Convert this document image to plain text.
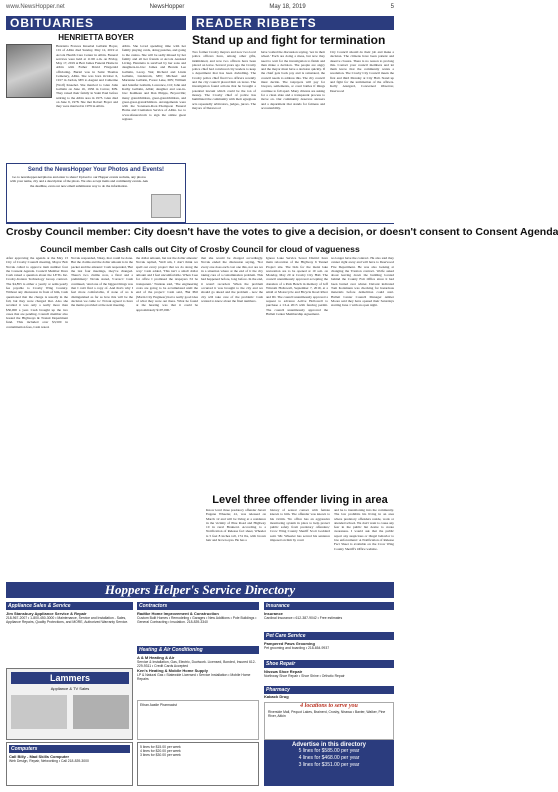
www.NewsHopper.net	NewsHopper	May 18, 2019	5
OBITUARIES	READER RIBBETS
HENRIETTA BOYER
Henrietta Frances Knaebel Gallatin Boyer, 101 of Albin died Sunday, May 12, 2019 at Arcola Health Care Center in Albin. Funeral services were held at 11:00 a.m. on Friday, May 17, 2019 at Bert James Funeral Home in Albin with Father David Fitzgerald officiating. Burial was in Saint Thomas Cemetery, Albin. She was born October 6, 1917 in Jordan, MN to August and Catherine (Wolf) Knaebel. She married to Glen John Gallatin on June 16, 1936 in Carver, MN. They raised their family in Saint Paul before retiring to the Albin area in 1973. Glen died on June 9, 1978. She met Robert Boyer and they were married in 1979 in Albin.
Albin. She loved spending time with her family playing cards, doing puzzles, and going to the casino. She will be sadly missed by her family and all her friends at Arcola Assisted Living. Henrietta is survived by her sons and daughters-in-law: James and Brenda Lee Gallatin, Lacey, WA; Richard and Linda Gallatin, Lindstrom, MN; Michael and Marianne Gallatin, Forest Lake, MN; William and Jennifer Gallatin, Lawrence, CO; John and Kathy Gallatin, Albin; daughter and son-in-law: Kathleen and Dan Phipps, Boyceville; many grandchildren, great-grandchildren, and great-great-grandchildren. Arrangements were with the Sorensen-Root-Thompson Funeral Home and Cremation Service of Albin. Go to www.sfuneralcom to sign the online guest register.
Send the NewsHopper Your Photos and Events!

Go to newshopper.net/photos and enter to share! Upload to our Hopper events website, any photos with your name, city and a description of the photo. We also accept items and community events. Ask the deadline, even our new email submission way to do the information.

Stand up and fight for termination
Two former Crosby mayors and now two local police officers have, among other gifts, intimidated, and now two officers have been placed on leave. Several years ago the Crosby police chief had convinced city leaders to keep a department that has been dwindling. The Crosby police chief fired two officers recently and the city council placed him on leave. The investigation found actions that he brought a potential lawsuit which could be the ton of money. The Crosby chief of police has humiliated the community with their egregious acts repeatedly arbitrators, judges, jurors. The mayors of Derewood
have voided the discussion saying, 'not in their wheel.' Each are doing a mess, but now they need to wait for the investigation to finish and then make a decision. The people are angry and the mayor must have a decision quickly. If the chief gets back pay and is reinstated, the council needs to address this. The city council must decide. The taxpayers will pay for lawyers, settlements, or court battles if things continue to fall apart. Many citizens are asking for a clean slate and a transparent process to move on. Our community deserves answers and a department that stands for fairness and accountability.
City Council should do their job and make a decision. The citizens have been patient and deserve closure. There is no reason to prolong this. Contact your council members and let them know that the community wants a resolution. The Crosby City Council meets the first and third Monday at City Hall. Stand up and fight for the termination of the officers. Kelly Anstgard, Concerned Observer, Deerwood
Crosby Council member: City doesn't have the votes to give a decision, or doesn't consent to Consent Agenda
Council member Cash calls out City of Crosby Council for cloud of vagueness
After approving the agenda at the May 13 City of Crosby Council meeting, Mayor Bob Novak called to approve item number four the Consent Agenda. Council Member Dave Cash raised a question about the LETG Inc. Crosby-Ironton Technology Group contract. The $4,855 is either a yearly or semi-yearly fee payable to Crosby Wing Country. Without any discussion in front of him, Cash questioned that the charge is usually in the fall, but they were charged that. Also she recalled it was only a really more than $50,000 a year. Cash brought up the two cases that are pending. Council member also hosted the Highways & Transit Department fund. This included over $3,500 in contamination fees, Cash noted.
Novak responded, 'Okay, that could be done. But the claims and the dollar amount is in the packet and the amount.' Cash responded, 'But the last four meetings, they've changed. There's two claims now, a final and a preliminary.' Novak stated, 'Correct.' Cash continued, 'And one of the biggest things was that I can't find a copy of. And that's why I feel more comfortable, if none of us is distinguished as far as how this will be the decision we came to.' Novak agreed to have the memo provided at the next meeting.
the dollar amount, but not the dollar amount.' Novak replied, 'Well um, I don't think we spell out every project that we do along the way.' Cash added, 'This isn't a small dollar amount and I feel uncomfortable. When I see for office I promised the taxpayers I'd be transparent.' Trudeau said, 'The engineering costs are going to be accumulated until the end of the project.' Cash said, 'But Phil (Marin City Engineer) had a really good idea of what they were out there. What he found at the hearing was that it could be approximately $197,000.'
that she would be charged accordingly. Novak ended the discussion saying, 'Not every one does each cost one this, nor are we in a situation where at the end of it the city taking care of a contamination problem. This had happened before, long before. In the end, it wasn't recorded. When the problem occurred it was brought to the city and we should go ahead and the problem - now the city will take care of the problem.' Cash wanted to know about the final numbers.
Ignore Lake Service Sewer District have main relocation of the Highway 6 Tunnel Project site. The bids for the moist lake restoration are to be opened at 10 a.m. on Monday, May 20 at Crosby City Hall. The council unanimously approved accepting the donation of a Park Bench in memory of Jeff Winroth Hollowell, September 7, 2019, at a small at Motorcycle and Bicycle Road River and ID. The council unanimously approved a request to advance Active Hollowell to purchase a CLA 2015 with fencing permit. The council unanimously approved the Hallett Center Membership Agreement.
no longer have the contract. He also said they cannot right away and will have to Deerwood Fire Department. He was also looking at changing the Truxton contract. Wolfe asked about leaving down the building located behind the County Fair Office since it had been buried over winter. DeCent indicated Tom Kotzmann was checking for hazardous materials before demolition could start. Hallett Center Council Manager Amber Moore said they have opened their Saturdays starting June 1 with an open night.
Level three offender living in area
Know level three predatory offender Jarrett Eugene Wheeler, 41, was released on March 12 and will be living at a residence in the vicinity of Pine Road and Highway 10 in rural Brainerd. According to a Notification of Release fact sheet, Wheeler is 5 feet 8 inches tall, 174 lbs, with brown hair and brown eyes. He has a
history of sexual contact with female known to him. The offender was known to his victim. 'No office has an aggressive monitoring system in place to help protect public safety from predatory offenders,' Crow Wing County Sheriff Scott Goddard said. 'Mr. Wheeler has served his sentence imposed on him by court
and he is transitioning into the community. The law prohibits his living in an area where predatory offenders reside, work or attended school. We don't want to cause any fear in the public but desire to create awareness. I would ask that the public report any suspicious or illegal behavior to law enforcement.' A Notification of Release Fact Sheet is available on the Crow Wing County Sheriff's Office website.
Hoppers Helper's Service Directory
Appliance Sales & Service
Jim Stansbury Appliance Service & Repair
218-967-2007 • 1-800-450-3000 • Maintenance, Service and Installation - Sales, Appliance Repairs, Quality Protections, and MORE, Authorized Warranty Service.
Contractors
Radtke Home Improvement & Construction
Custom Built Homes • Remodeling • Garages • New Additions • Pole Buildings • General Contracting • Insulation. 218-839-3340
Heating & Air Conditioning
A & M Heating & Air
Service & Installation, Gas, Electric, Ductwork. Licensed, Bonded, Insured 612-229-9311 • Credit Cards Accepted
Ken's Heating & Mobile Home Supply
LP & Natural Gas • Statewide Licensed • Service Installation • Mobile Home Repairs
Insurance
Insurance
Cardinal Insurance • 612-387-9042 • Free estimates
Pet Care Service
Pampered Paws Grooming
Pet grooming and boarding • 218-654-9937
Shoe Repair
Nisswa Shoe Repair
Northway Shoe Repair • Shoe Shine • Orthotic Repair
Pharmacy
Kaback Drug
Lammers
Appliance & TV Sales
Ethan Aastle Pharmacist	4 locations to serve you
Riverside Mall, Pequot Lakes, Brainerd, Crosby, Nisswa • Baxter, Walker, Pine River, Aitkin
Computers
Call Billy - Mad Skills Computer
Web Design, Repair, Networking • Call 218-839-3000
5 lines for $15.00 per week
4 lines for $20.00 per week
3 lines for $30.00 per week
Advertise in this directory
5 lines for $585.00 per year
4 lines for $468.00 per year
3 lines for $351.00 per year
